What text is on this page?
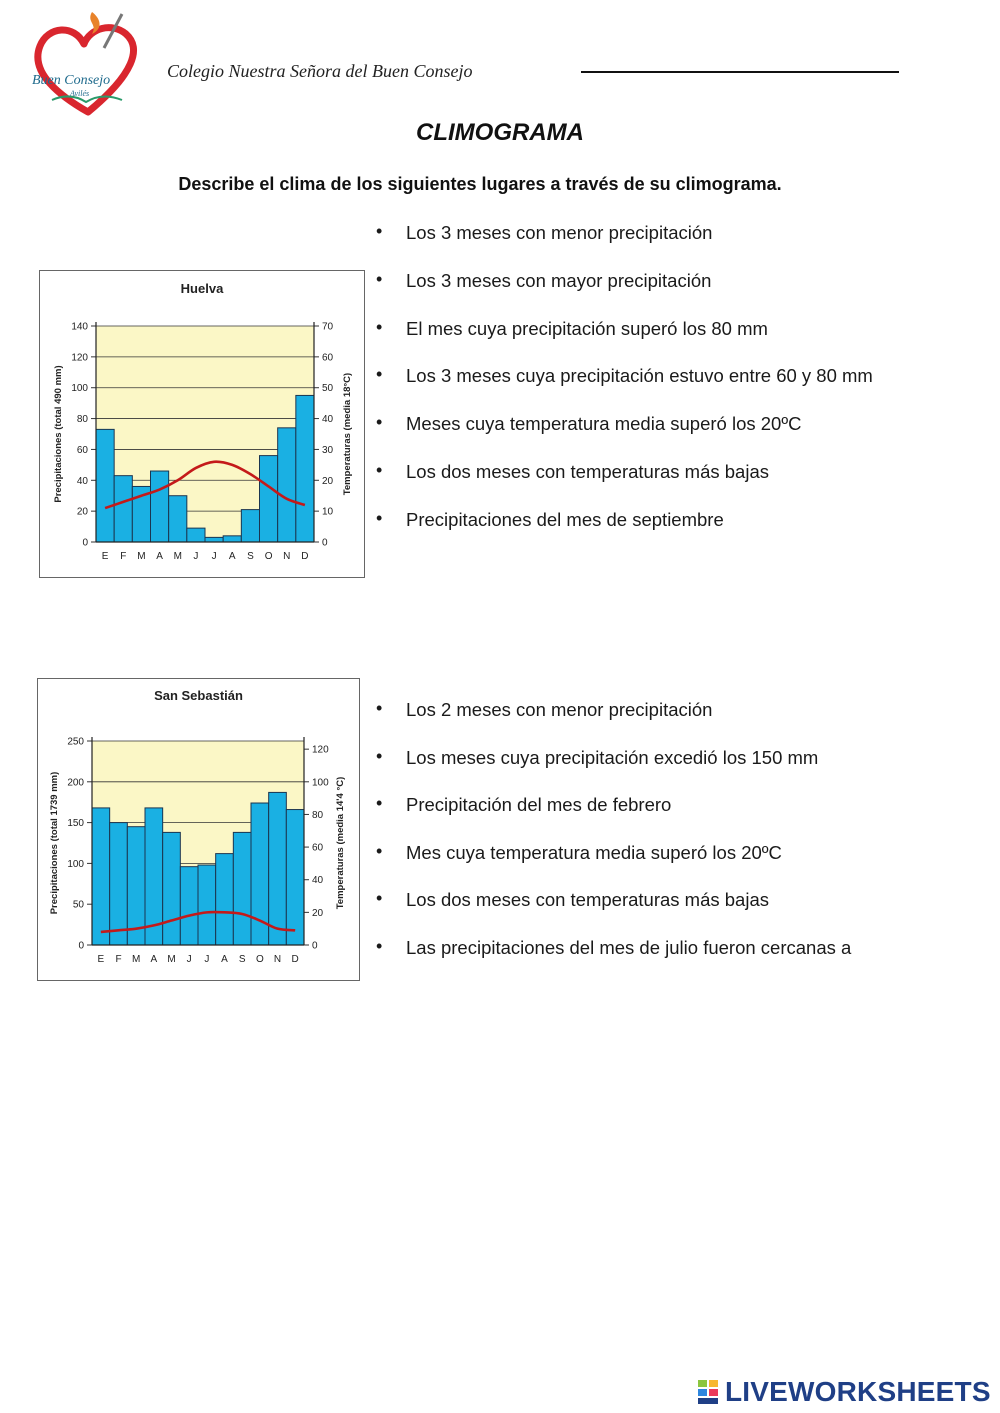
Buen Consejo
Avilés
Colegio Nuestra Señora del Buen Consejo
CLIMOGRAMA
Describe el clima de los siguientes lugares a través de su climograma.
Huelva
0
20
40
60
80
100
120
140
0
10
20
30
40
50
60
70
E F M A M J J A S O N D
Precipitaciones (total 490 mm)	Temperaturas (media 18°C)
• Los 3 meses con menor precipitación
• Los 3 meses con mayor precipitación
• El mes cuya precipitación superó los 80 mm
• Los 3 meses cuya precipitación estuvo entre 60 y 80 mm
• Meses cuya temperatura media superó los 20ºC
• Los dos meses con temperaturas más bajas
• Precipitaciones del mes de septiembre
San Sebastián
0
50
100
150
200
250
0
20
40
60
80
100
120
E F M A M J J A S O N D
Precipitaciones (total 1739 mm)	Temperaturas (media 14'4 °C)
• Los 2 meses con menor precipitación
• Los meses cuya precipitación excedió los 150 mm
• Precipitación del mes de febrero
• Mes cuya temperatura media superó los 20ºC
• Los dos meses con temperaturas más bajas
• Las precipitaciones del mes de julio fueron cercanas a
LIVEWORKSHEETS
